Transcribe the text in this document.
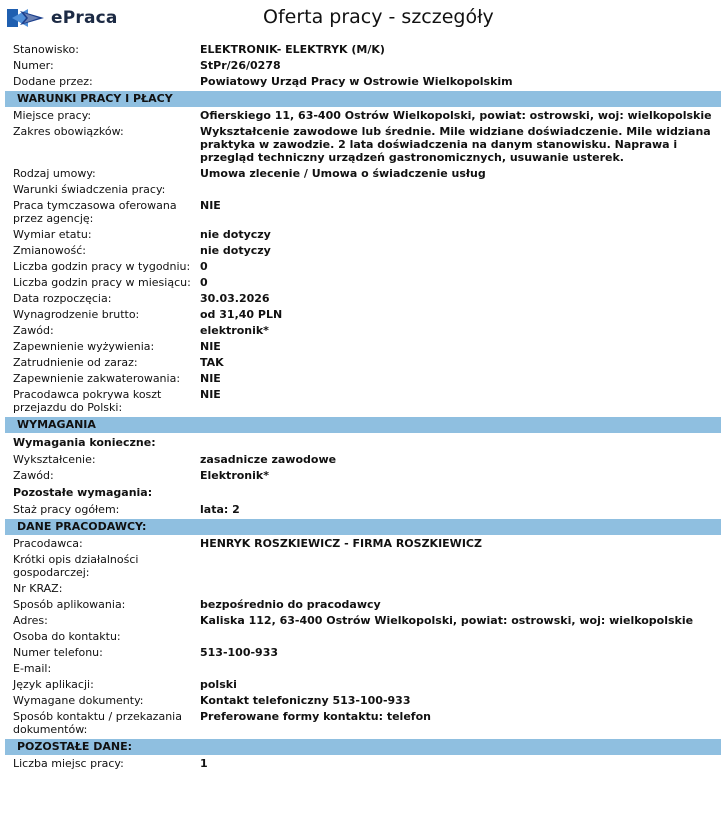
ePraca	Oferta pracy - szczegóły
Stanowisko:	ELEKTRONIK- ELEKTRYK (M/K)
Numer:	StPr/26/0278
Dodane przez:	Powiatowy Urząd Pracy w Ostrowie Wielkopolskim
WARUNKI PRACY I PŁACY
Miejsce pracy:	Ofierskiego 11, 63-400 Ostrów Wielkopolski, powiat: ostrowski, woj: wielkopolskie
Zakres obowiązków:	Wykształcenie zawodowe lub średnie. Mile widziane doświadczenie. Mile widziana praktyka w zawodzie. 2 lata doświadczenia na danym stanowisku. Naprawa i przegląd techniczny urządzeń gastronomicznych, usuwanie usterek.
Rodzaj umowy:	Umowa zlecenie / Umowa o świadczenie usług
Warunki świadczenia pracy:
Praca tymczasowa oferowana przez agencję:
NIE
Wymiar etatu:	nie dotyczy
Zmianowość:	nie dotyczy
Liczba godzin pracy w tygodniu: 0
Liczba godzin pracy w miesiącu: 0
Data rozpoczęcia:	30.03.2026
Wynagrodzenie brutto:	od 31,40 PLN
Zawód:	elektronik*
Zapewnienie wyżywienia:	NIE
Zatrudnienie od zaraz:	TAK
Zapewnienie zakwaterowania:	NIE
Pracodawca pokrywa koszt przejazdu do Polski:
NIE
WYMAGANIA
Wymagania konieczne:
Wykształcenie:	zasadnicze zawodowe
Zawód:	Elektronik*
Pozostałe wymagania:
Staż pracy ogółem:	lata: 2
DANE PRACODAWCY:
Pracodawca:	HENRYK ROSZKIEWICZ - FIRMA ROSZKIEWICZ
Krótki opis działalności gospodarczej:
Nr KRAZ:
Sposób aplikowania:	bezpośrednio do pracodawcy
Adres:	Kaliska 112, 63-400 Ostrów Wielkopolski, powiat: ostrowski, woj: wielkopolskie
Osoba do kontaktu:
Numer telefonu:	513-100-933
E-mail:
Język aplikacji:	polski
Wymagane dokumenty:	Kontakt telefoniczny 513-100-933
Sposób kontaktu / przekazania dokumentów:
Preferowane formy kontaktu: telefon
POZOSTAŁE DANE:
Liczba miejsc pracy:	1
